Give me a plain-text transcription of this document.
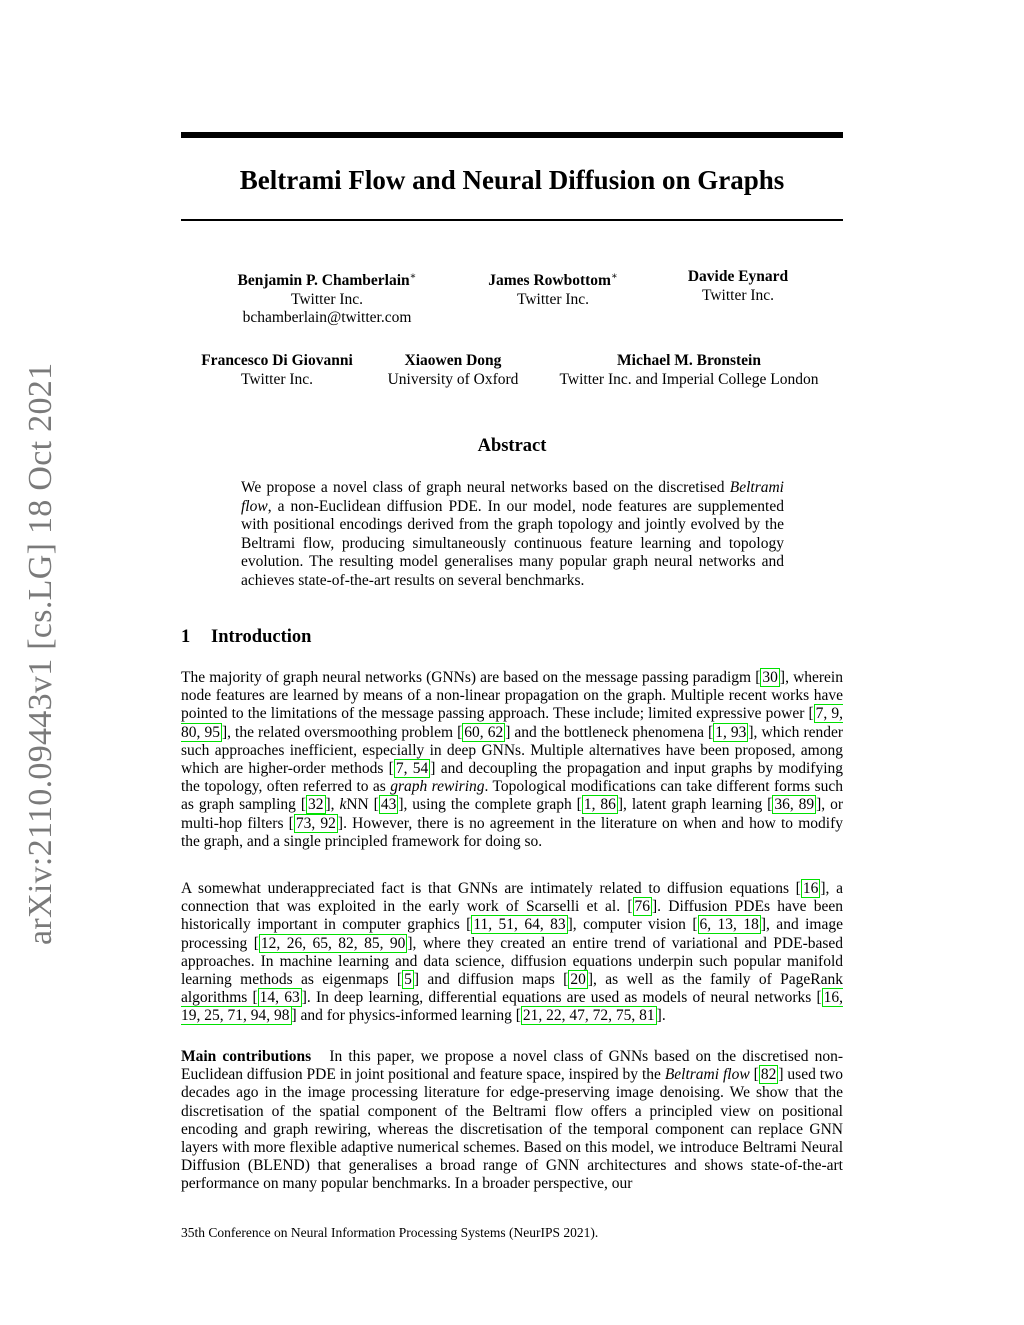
arXiv:2110.09443v1 [cs.LG] 18 Oct 2021
Beltrami Flow and Neural Diffusion on Graphs
Benjamin P. Chamberlain∗
Twitter Inc.
bchamberlain@twitter.com
James Rowbottom∗
Twitter Inc.
Davide Eynard
Twitter Inc.
Francesco Di Giovanni
Twitter Inc.
Xiaowen Dong
University of Oxford
Michael M. Bronstein
Twitter Inc. and Imperial College London
Abstract
We propose a novel class of graph neural networks based on the discretised Beltrami flow, a non-Euclidean diffusion PDE. In our model, node features are supplemented with positional encodings derived from the graph topology and jointly evolved by the Beltrami flow, producing simultaneously continuous feature learning and topology evolution. The resulting model generalises many popular graph neural networks and achieves state-of-the-art results on several benchmarks.
1 Introduction
The majority of graph neural networks (GNNs) are based on the message passing paradigm [ 30 ], wherein node features are learned by means of a non-linear propagation on the graph. Multiple recent works have pointed to the limitations of the message passing approach. These include; limited expressive power [ 7, 9, 80, 95 ], the related oversmoothing problem [ 60, 62 ] and the bottleneck phenomena [ 1, 93 ], which render such approaches inefficient, especially in deep GNNs. Multiple alternatives have been proposed, among which are higher-order methods [ 7, 54 ] and decoupling the propagation and input graphs by modifying the topology, often referred to as graph rewiring. Topological modifications can take different forms such as graph sampling [ 32 ], kNN [ 43 ], using the complete graph [ 1, 86 ], latent graph learning [ 36, 89 ], or multi-hop filters [ 73, 92 ]. However, there is no agreement in the literature on when and how to modify the graph, and a single principled framework for doing so.
A somewhat underappreciated fact is that GNNs are intimately related to diffusion equations [ 16 ], a connection that was exploited in the early work of Scarselli et al. [ 76 ]. Diffusion PDEs have been historically important in computer graphics [ 11, 51, 64, 83 ], computer vision [ 6, 13, 18 ], and image processing [ 12, 26, 65, 82, 85, 90 ], where they created an entire trend of variational and PDE-based approaches. In machine learning and data science, diffusion equations underpin such popular manifold learning methods as eigenmaps [ 5 ] and diffusion maps [ 20 ], as well as the family of PageRank algorithms [ 14, 63 ]. In deep learning, differential equations are used as models of neural networks [ 16, 19, 25, 71, 94, 98 ] and for physics-informed learning [ 21, 22, 47, 72, 75, 81 ].
Main contributions   In this paper, we propose a novel class of GNNs based on the discretised non-Euclidean diffusion PDE in joint positional and feature space, inspired by the Beltrami flow [ 82 ] used two decades ago in the image processing literature for edge-preserving image denoising. We show that the discretisation of the spatial component of the Beltrami flow offers a principled view on positional encoding and graph rewiring, whereas the discretisation of the temporal component can replace GNN layers with more flexible adaptive numerical schemes. Based on this model, we introduce Beltrami Neural Diffusion (BLEND) that generalises a broad range of GNN architectures and shows state-of-the-art performance on many popular benchmarks. In a broader perspective, our
35th Conference on Neural Information Processing Systems (NeurIPS 2021).
